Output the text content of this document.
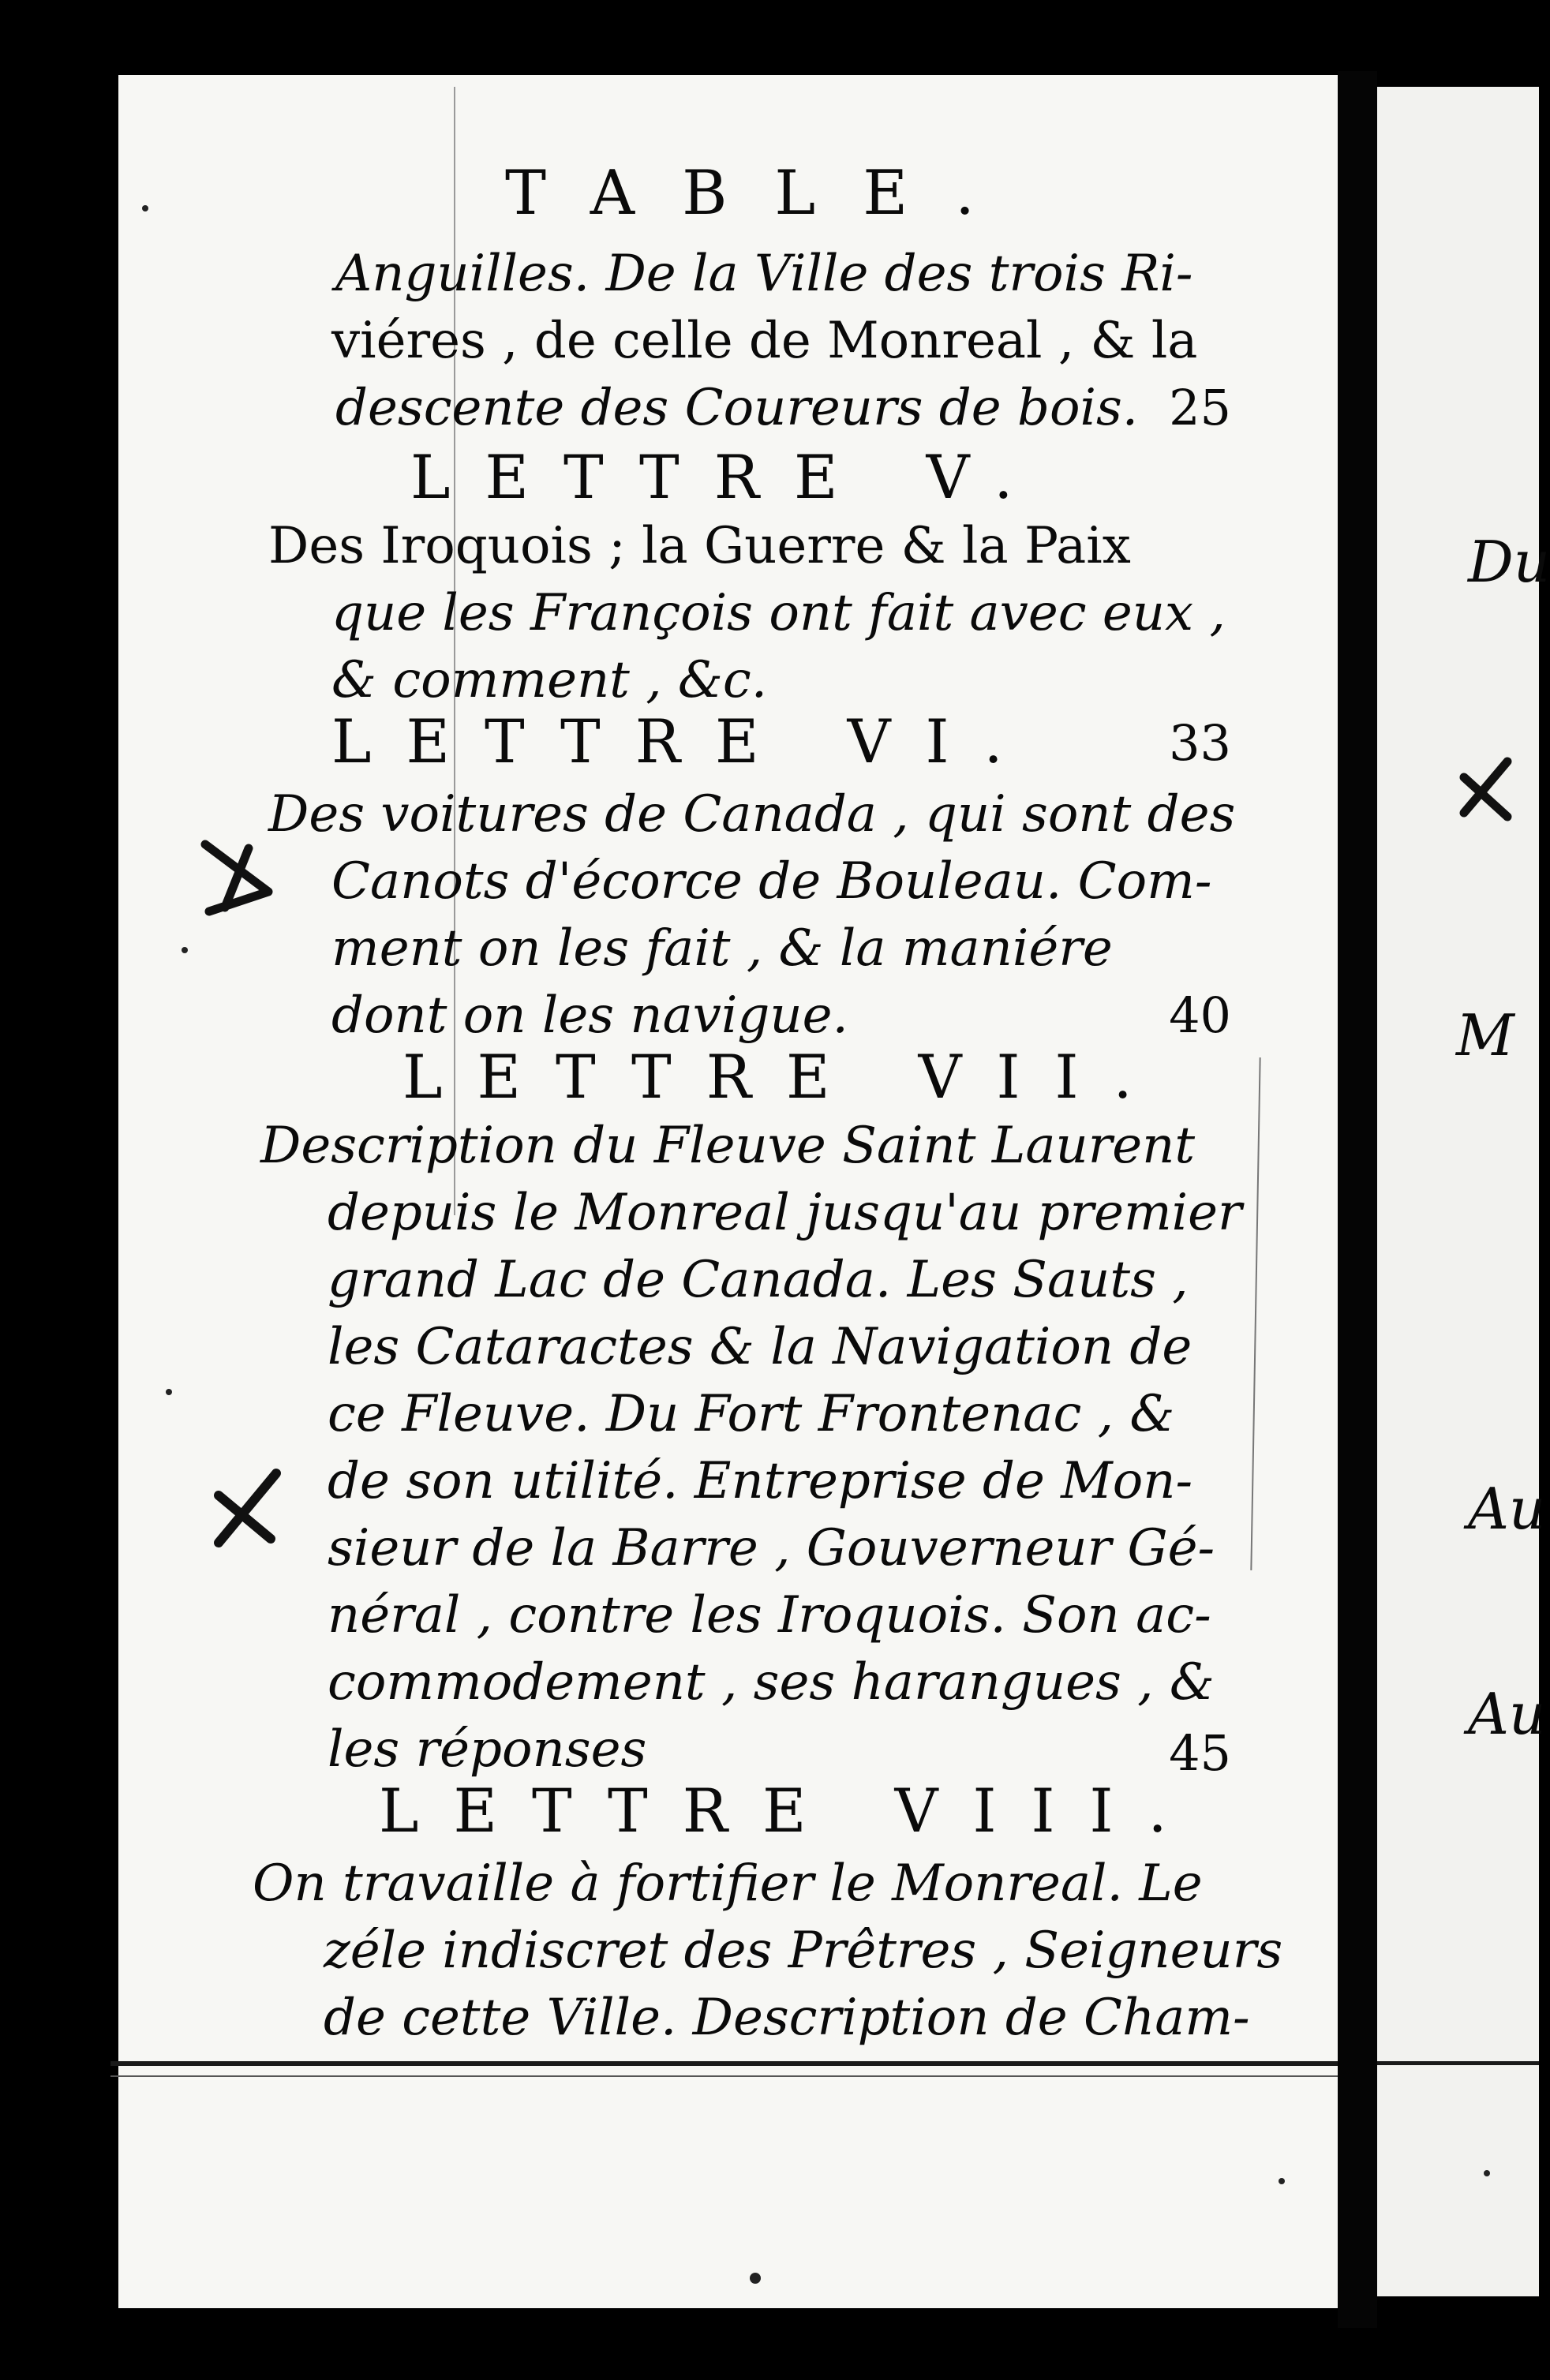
TABLE.
Anguilles. De la Ville des trois Ri-
viéres , de celle de Monreal , & la
descente des Coureurs de bois. 25
LETTRE V.
Des Iroquois ; la Guerre & la Paix
que les François ont fait avec eux ,
& comment , &c.
LETTRE VI.	33
Des voitures de Canada , qui sont des
Canots d'écorce de Bouleau. Com-
ment on les fait , & la maniére
dont on les navigue.	40
LETTRE VII.
Description du Fleuve Saint Laurent
depuis le Monreal jusqu'au premier
grand Lac de Canada. Les Sauts ,
les Cataractes & la Navigation de
ce Fleuve. Du Fort Frontenac , &
de son utilité. Entreprise de Mon-
sieur de la Barre , Gouverneur Gé-
néral , contre les Iroquois. Son ac-
commodement , ses harangues , &
les réponses	45
LETTRE VIII.
On travaille à fortifier le Monreal. Le
zéle indiscret des Prêtres , Seigneurs
de cette Ville. Description de Cham-
Du
M
Au
Au
